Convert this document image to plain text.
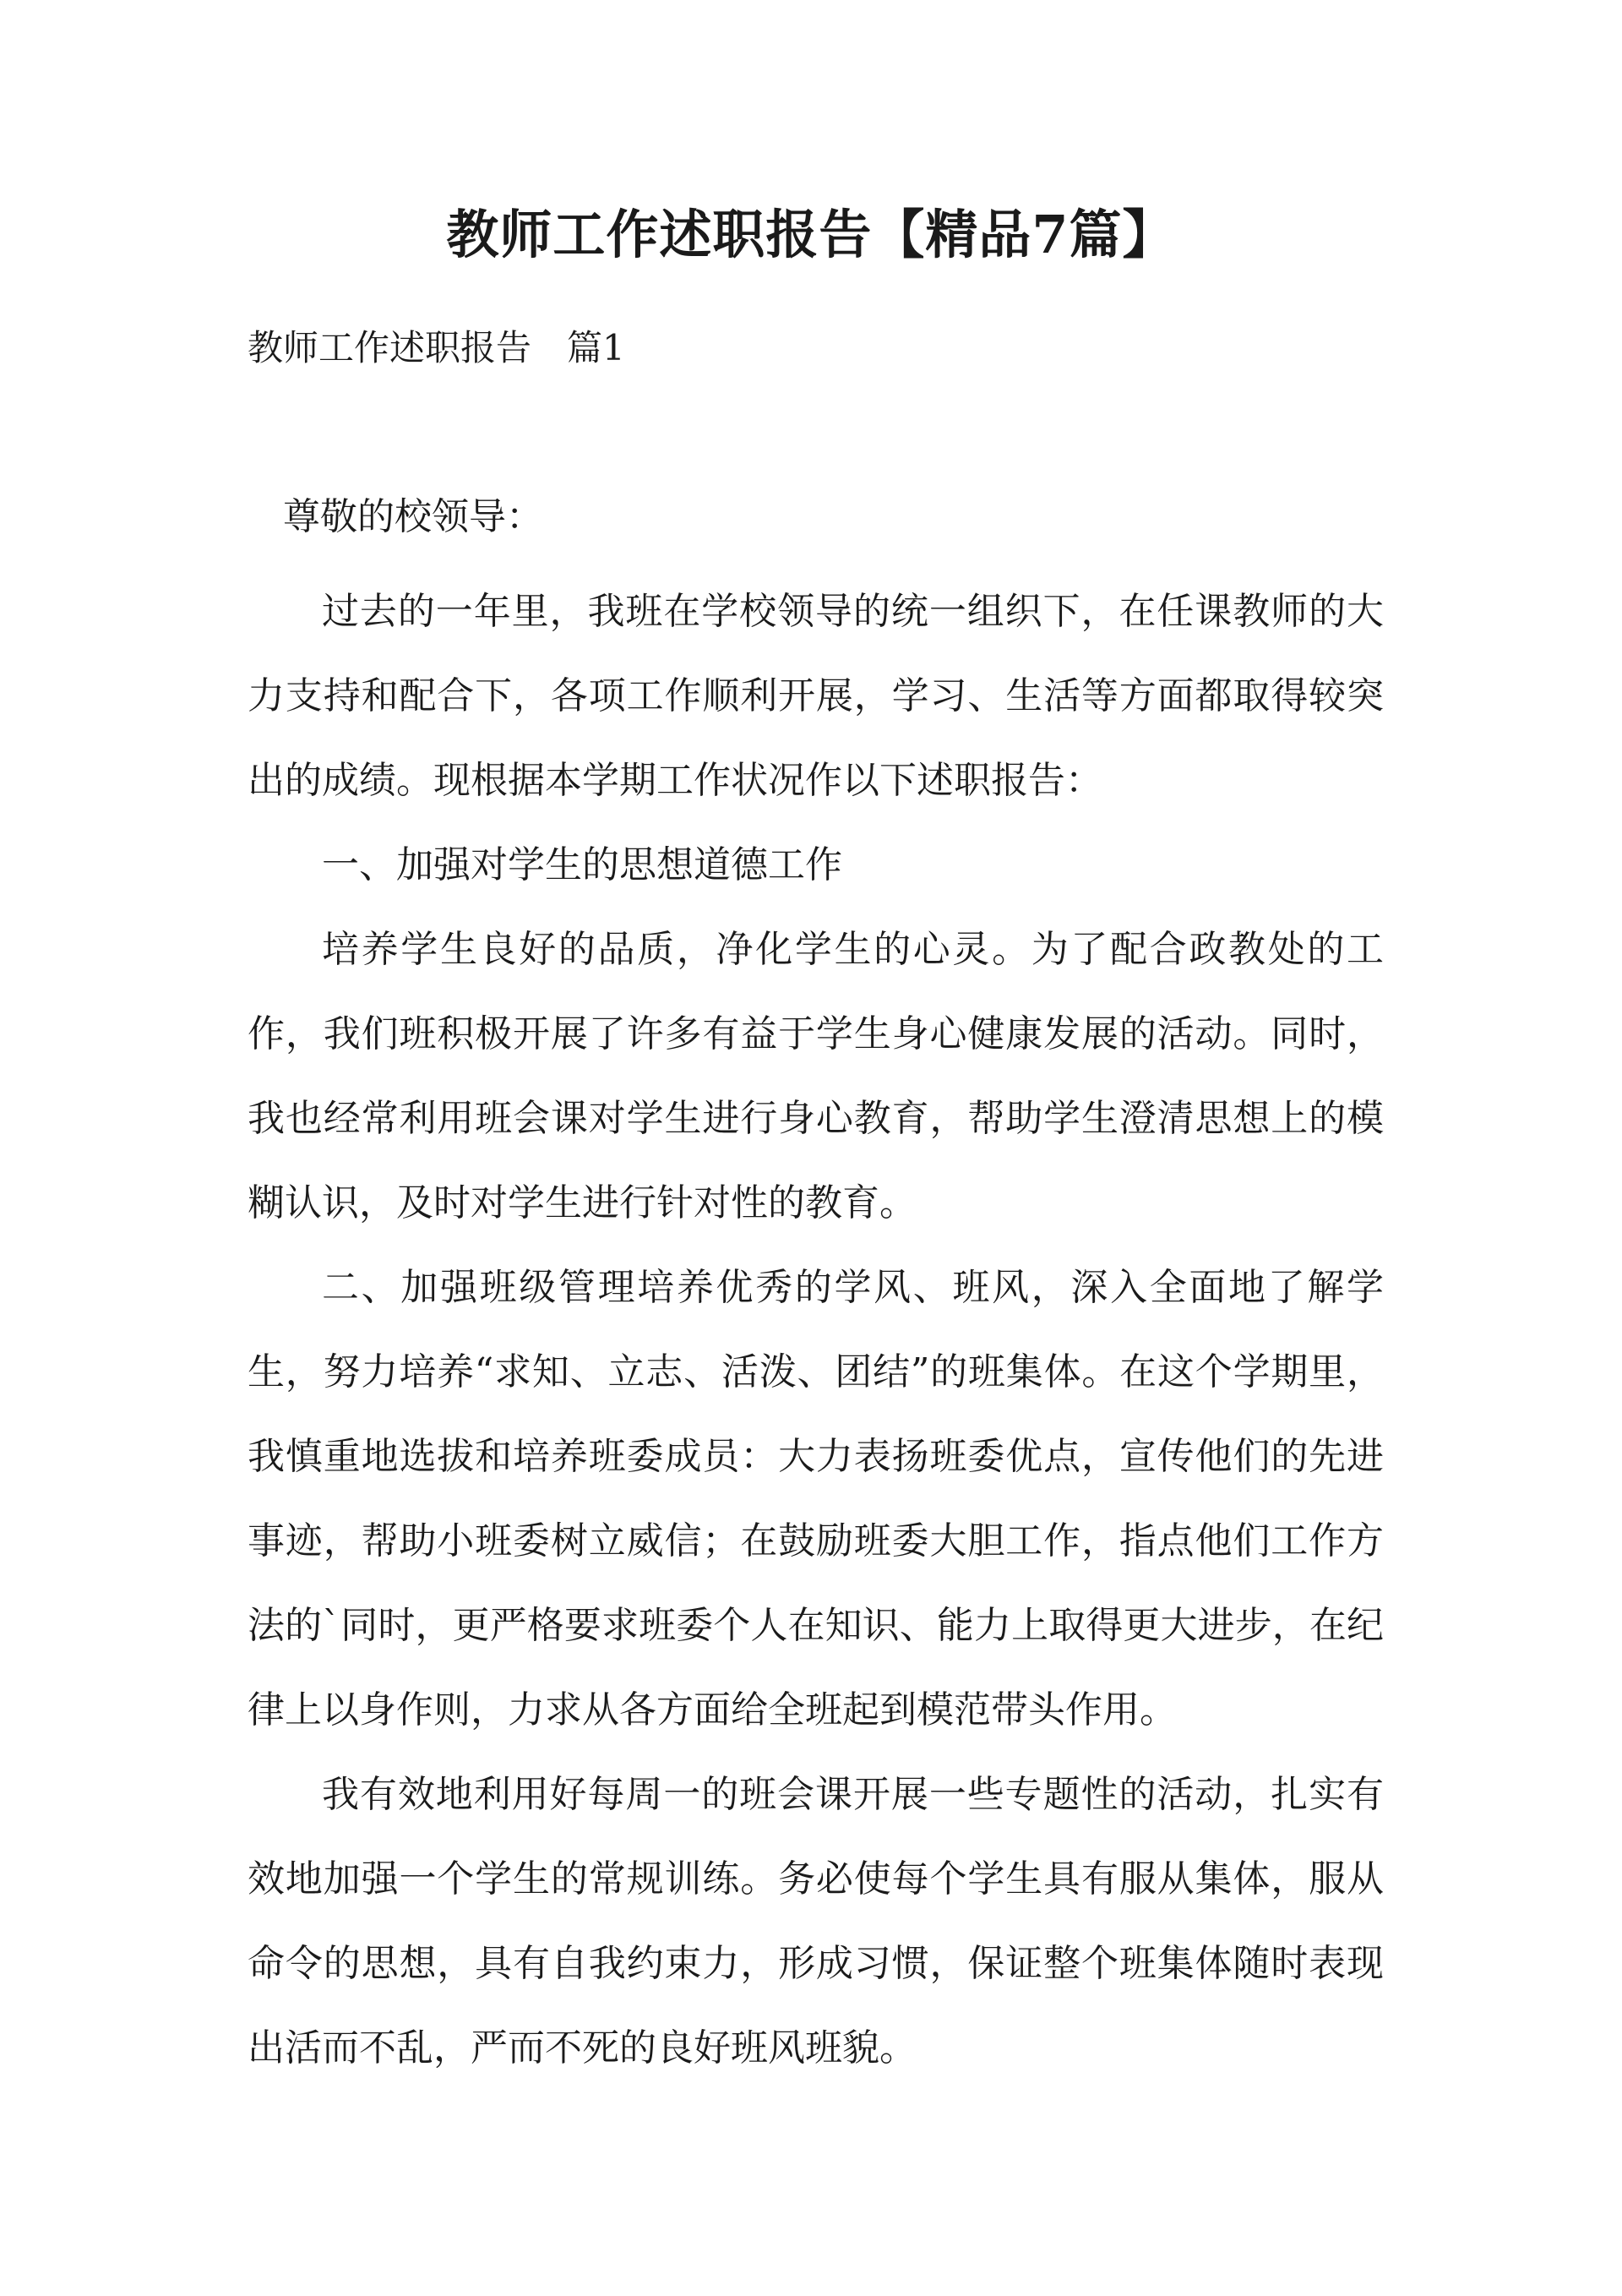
教师工作述职报告【精品7篇】
教师工作述职报告　篇1
尊敬的校领导：

过去的一年里，我班在学校领导的统一组织下，在任课教师的大力支持和配合下，各项工作顺利开展，学习、生活等方面都取得较突出的成绩。现根据本学期工作状况作以下述职报告：

一、加强对学生的思想道德工作

培养学生良好的品质，净化学生的心灵。为了配合政教处的工作，我们班积极开展了许多有益于学生身心健康发展的活动。同时，我也经常利用班会课对学生进行身心教育，帮助学生澄清思想上的模糊认识，及时对学生进行针对性的教育。

二、加强班级管理培养优秀的学风、班风，深入全面地了解学生，努力培养“求知、立志、活泼、团结”的班集体。在这个学期里，我慎重地选拔和培养班委成员：大力表扬班委优点，宣传他们的先进事迹，帮助小班委树立威信；在鼓励班委大胆工作，指点他们工作方法的`同时，更严格要求班委个人在知识、能力上取得更大进步，在纪律上以身作则，力求从各方面给全班起到模范带头作用。

我有效地利用好每周一的班会课开展一些专题性的活动，扎实有效地加强一个学生的常规训练。务必使每个学生具有服从集体，服从命令的思想，具有自我约束力，形成习惯，保证整个班集体随时表现出活而不乱，严而不死的良好班风班貌。
